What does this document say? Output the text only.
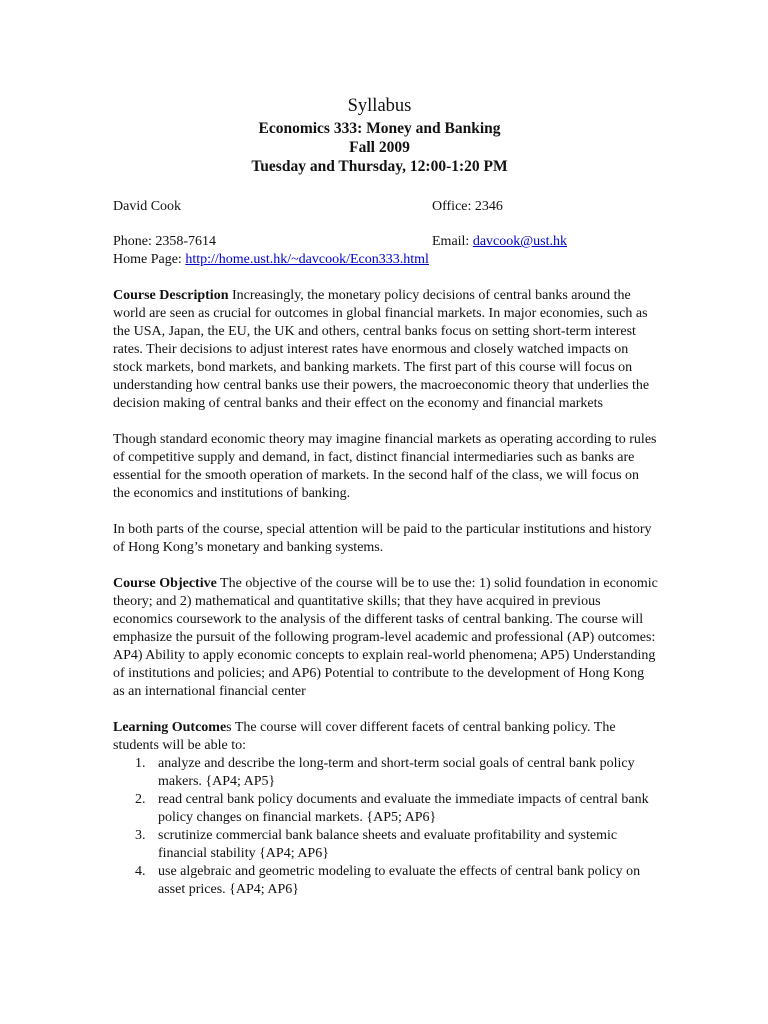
Syllabus
Economics 333: Money and Banking
Fall 2009
Tuesday and Thursday, 12:00-1:20 PM
David Cook	Office: 2346
Phone: 2358-7614	Email: davcook@ust.hk
Home Page: http://home.ust.hk/~davcook/Econ333.html

Course Description Increasingly, the monetary policy decisions of central banks around the world are seen as crucial for outcomes in global financial markets. In major economies, such as the USA, Japan, the EU, the UK and others, central banks focus on setting short-term interest rates. Their decisions to adjust interest rates have enormous and closely watched impacts on stock markets, bond markets, and banking markets. The first part of this course will focus on understanding how central banks use their powers, the macroeconomic theory that underlies the decision making of central banks and their effect on the economy and financial markets

Though standard economic theory may imagine financial markets as operating according to rules of competitive supply and demand, in fact, distinct financial intermediaries such as banks are essential for the smooth operation of markets. In the second half of the class, we will focus on the economics and institutions of banking.

In both parts of the course, special attention will be paid to the particular institutions and history of Hong Kong’s monetary and banking systems.

Course Objective The objective of the course will be to use the: 1) solid foundation in economic theory; and 2) mathematical and quantitative skills; that they have acquired in previous economics coursework to the analysis of the different tasks of central banking. The course will emphasize the pursuit of the following program-level academic and professional (AP) outcomes: AP4) Ability to apply economic concepts to explain real-world phenomena; AP5) Understanding of institutions and policies; and AP6) Potential to contribute to the development of Hong Kong as an international financial center

Learning Outcomes The course will cover different facets of central banking policy. The students will be able to:

1. analyze and describe the long-term and short-term social goals of central bank policy makers. {AP4; AP5}
2. read central bank policy documents and evaluate the immediate impacts of central bank policy changes on financial markets. {AP5; AP6}
3. scrutinize commercial bank balance sheets and evaluate profitability and systemic financial stability {AP4; AP6}
4. use algebraic and geometric modeling to evaluate the effects of central bank policy on asset prices. {AP4; AP6}
